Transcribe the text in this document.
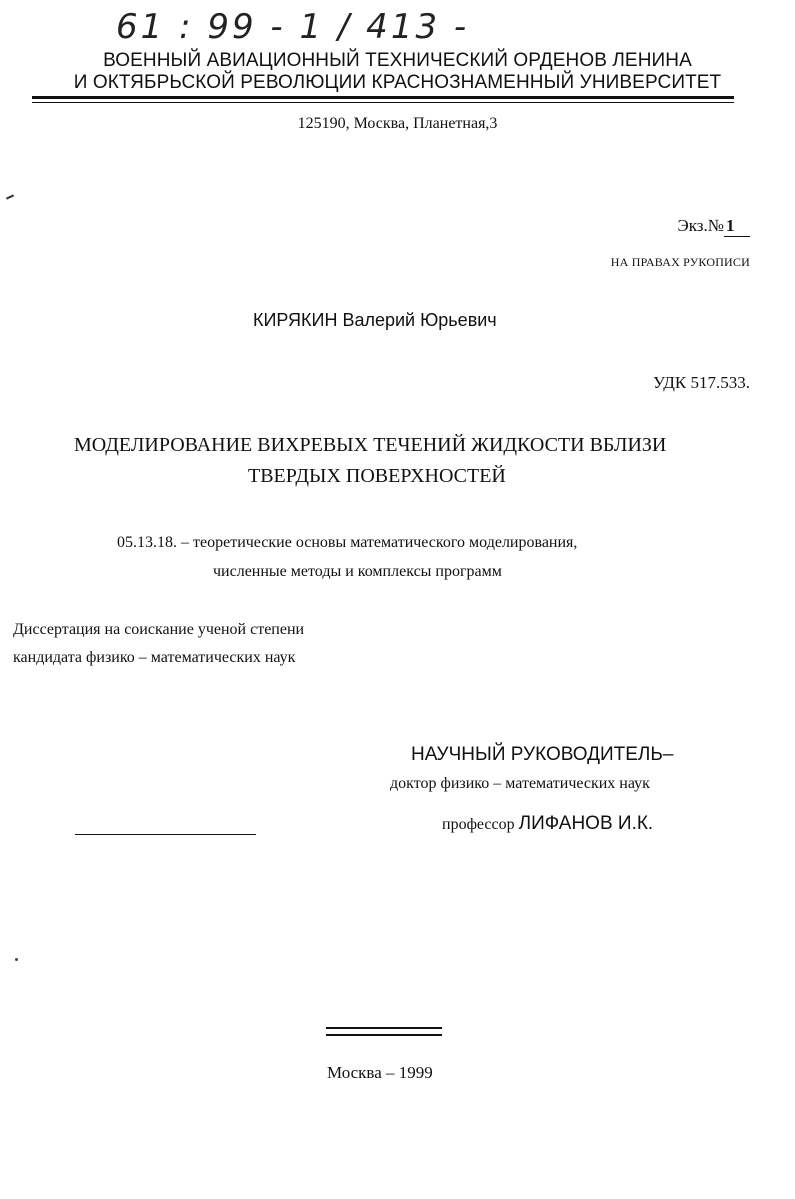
61 : 99 - 1 / 413 - 9
ВОЕННЫЙ АВИАЦИОННЫЙ ТЕХНИЧЕСКИЙ ОРДЕНОВ ЛЕНИНА
И ОКТЯБРЬСКОЙ РЕВОЛЮЦИИ КРАСНОЗНАМЕННЫЙ УНИВЕРСИТЕТ
125190, Москва, Планетная,3
Экз.№ 1
НА ПРАВАХ РУКОПИСИ
КИРЯКИН Валерий Юрьевич
УДК 517.533.
МОДЕЛИРОВАНИЕ ВИХРЕВЫХ ТЕЧЕНИЙ ЖИДКОСТИ ВБЛИЗИ
ТВЕРДЫХ ПОВЕРХНОСТЕЙ
05.13.18. – теоретические основы математического моделирования,
численные методы и комплексы программ
Диссертация на соискание ученой степени
кандидата физико – математических наук
НАУЧНЫЙ РУКОВОДИТЕЛЬ–
доктор физико – математических наук
профессор ЛИФАНОВ И.К.
Москва – 1999
